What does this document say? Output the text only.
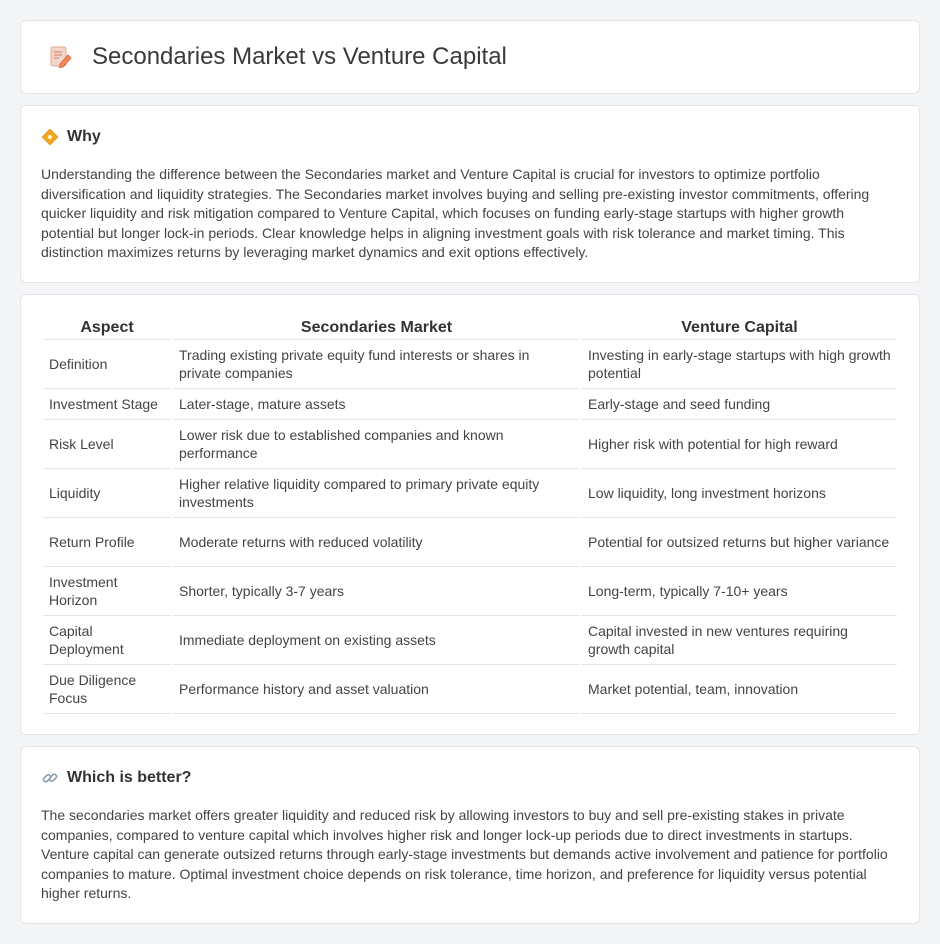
Secondaries Market vs Venture Capital
Why

Understanding the difference between the Secondaries market and Venture Capital is crucial for investors to optimize portfolio diversification and liquidity strategies. The Secondaries market involves buying and selling pre-existing investor commitments, offering quicker liquidity and risk mitigation compared to Venture Capital, which focuses on funding early-stage startups with higher growth potential but longer lock-in periods. Clear knowledge helps in aligning investment goals with risk tolerance and market timing. This distinction maximizes returns by leveraging market dynamics and exit options effectively.

Aspect	Secondaries Market	Venture Capital
Definition	Trading existing private equity fund interests or shares in private companies	Investing in early-stage startups with high growth potential
Investment Stage	Later-stage, mature assets	Early-stage and seed funding
Risk Level	Lower risk due to established companies and known performance	Higher risk with potential for high reward
Liquidity	Higher relative liquidity compared to primary private equity investments	Low liquidity, long investment horizons
Return Profile	Moderate returns with reduced volatility	Potential for outsized returns but higher variance
Investment Horizon	Shorter, typically 3-7 years	Long-term, typically 7-10+ years
Capital Deployment	Immediate deployment on existing assets	Capital invested in new ventures requiring growth capital
Due Diligence Focus	Performance history and asset valuation	Market potential, team, innovation
Which is better?

The secondaries market offers greater liquidity and reduced risk by allowing investors to buy and sell pre-existing stakes in private companies, compared to venture capital which involves higher risk and longer lock-up periods due to direct investments in startups. Venture capital can generate outsized returns through early-stage investments but demands active involvement and patience for portfolio companies to mature. Optimal investment choice depends on risk tolerance, time horizon, and preference for liquidity versus potential higher returns.
